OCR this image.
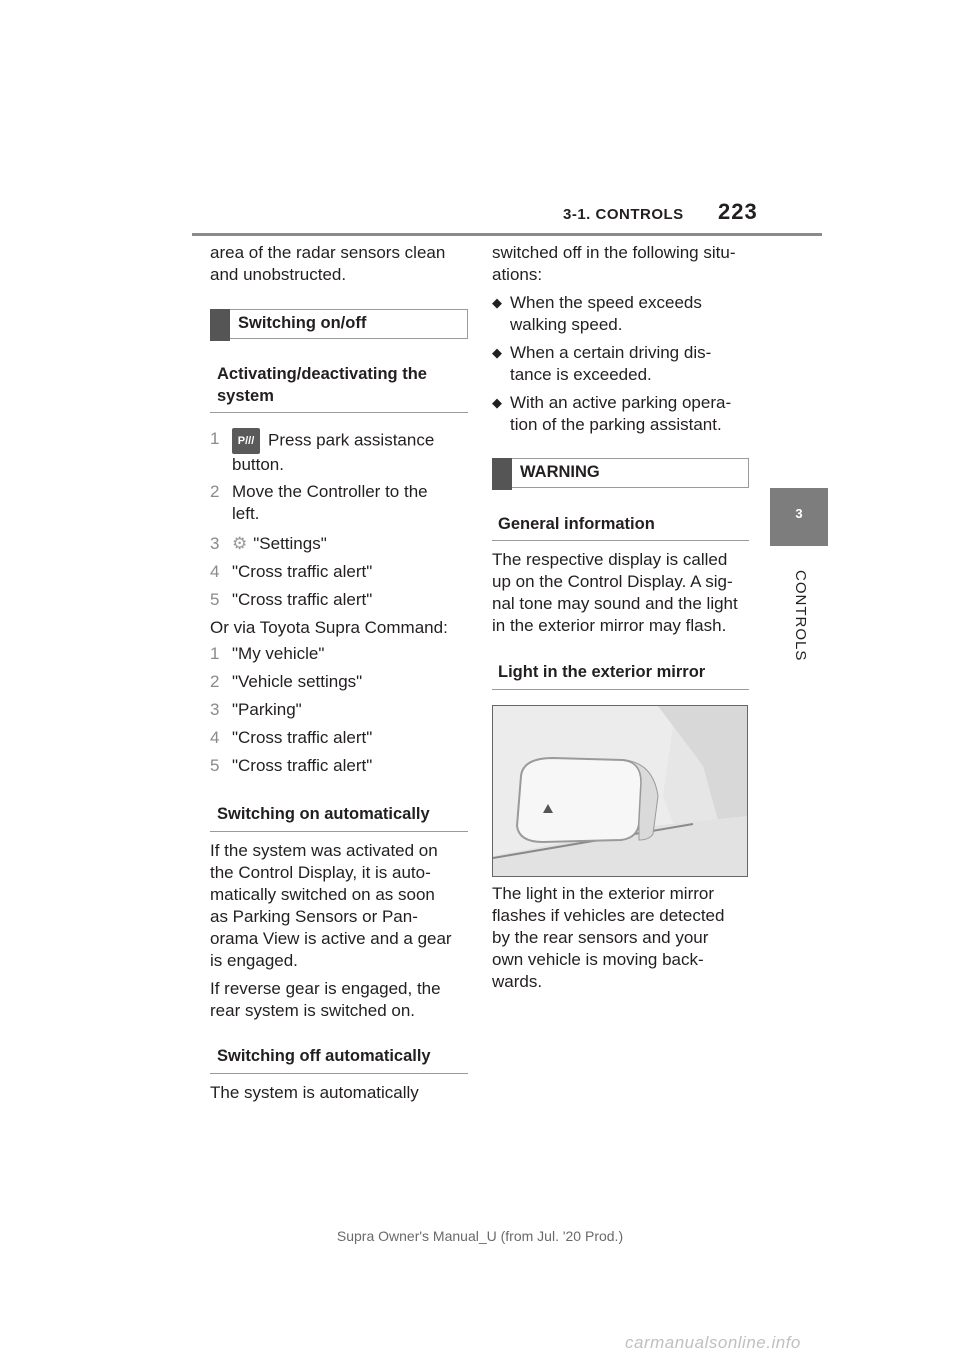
3-1. CONTROLS 223
3
CONTROLS
area of the radar sensors clean
and unobstructed.
Switching on/off
Activating/deactivating the
system
1	P/// Press park assistance
button.
2 Move the Controller to the
left.
3 ⚙ "Settings"
4 "Cross traffic alert"
5 "Cross traffic alert"
Or via Toyota Supra Command:
1 "My vehicle"
2 "Vehicle settings"
3 "Parking"
4 "Cross traffic alert"
5 "Cross traffic alert"
Switching on automatically
If the system was activated on
the Control Display, it is auto-
matically switched on as soon
as Parking Sensors or Pan-
orama View is active and a gear
is engaged.
If reverse gear is engaged, the
rear system is switched on.
Switching off automatically
The system is automatically
switched off in the following situ-
ations:
◆ When the speed exceeds
walking speed.
◆ When a certain driving dis-
tance is exceeded.
◆ With an active parking opera-
tion of the parking assistant.
WARNING
General information
The respective display is called
up on the Control Display. A sig-
nal tone may sound and the light
in the exterior mirror may flash.
Light in the exterior mirror
The light in the exterior mirror
flashes if vehicles are detected
by the rear sensors and your
own vehicle is moving back-
wards.
Supra Owner's Manual_U (from Jul. '20 Prod.)
carmanualsonline.info
